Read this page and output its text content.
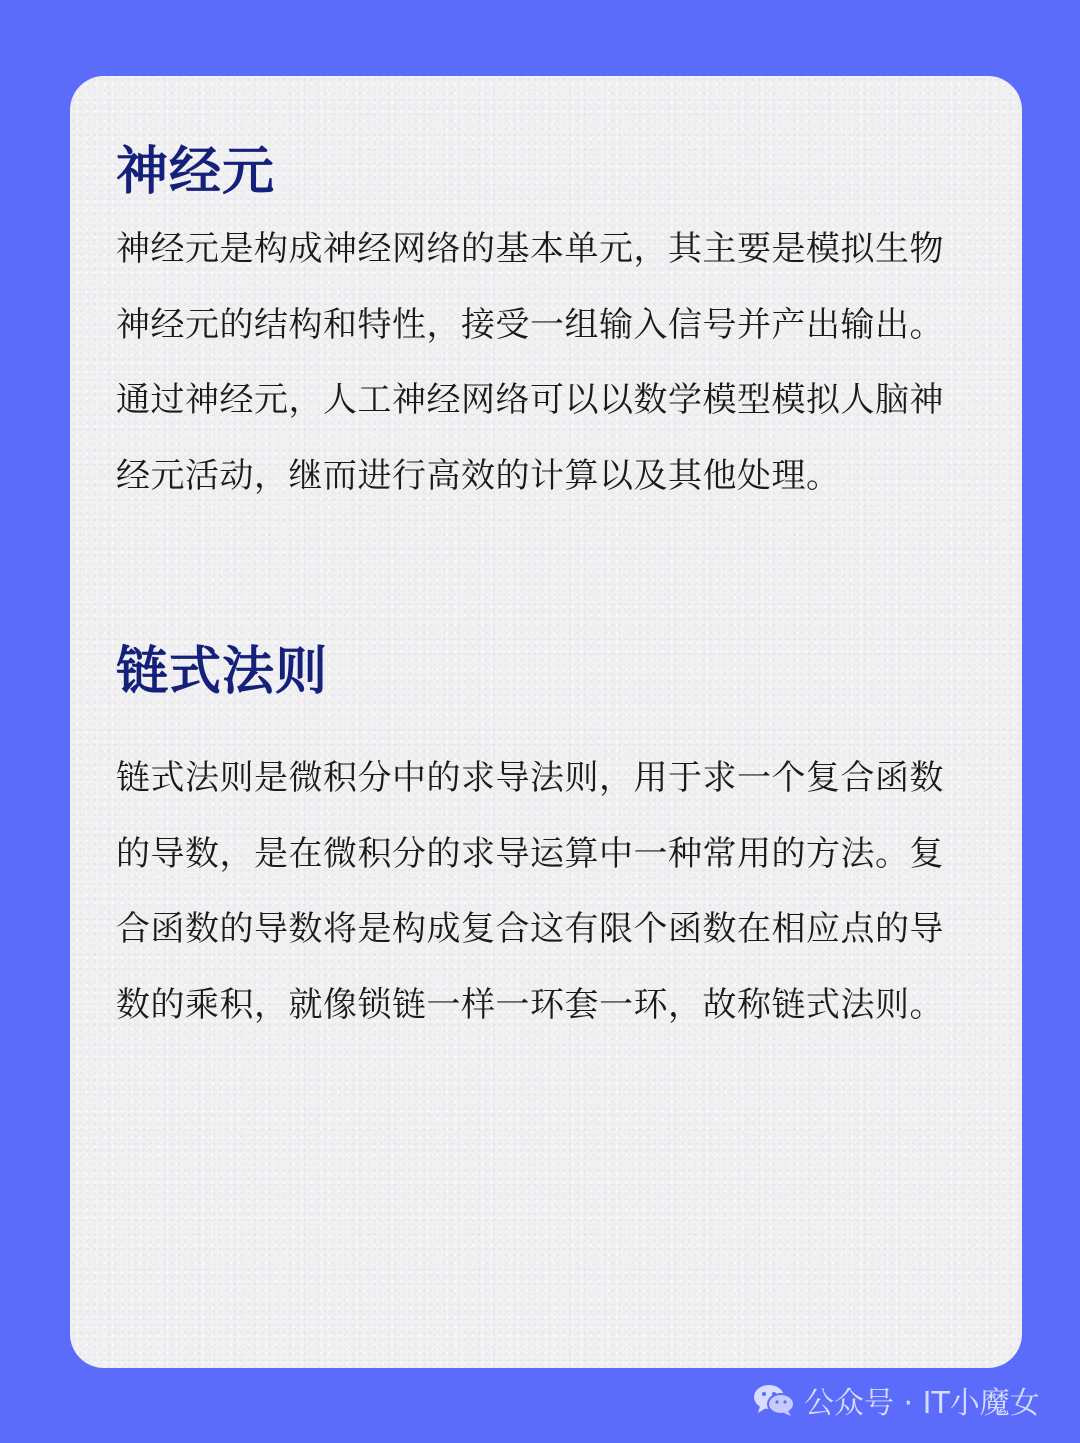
神经元

神经元是构成神经网络的基本单元，其主要是模拟生物神经元的结构和特性，接受一组输入信号并产出输出。通过神经元，人工神经网络可以以数学模型模拟人脑神经元活动，继而进行高效的计算以及其他处理。

链式法则

链式法则是微积分中的求导法则，用于求一个复合函数的导数，是在微积分的求导运算中一种常用的方法。复合函数的导数将是构成复合这有限个函数在相应点的导数的乘积，就像锁链一样一环套一环，故称链式法则。

公众号 · IT小魔女
